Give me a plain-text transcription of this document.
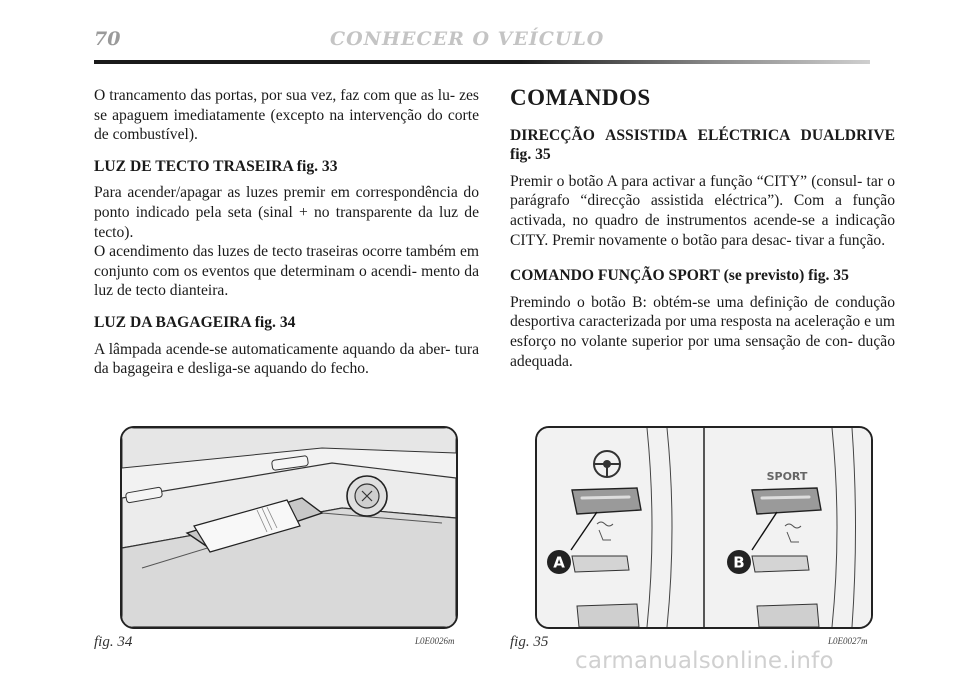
70	CONHECER O VEÍCULO

O trancamento das portas, por sua vez, faz com que as lu- zes se apaguem imediatamente (excepto na intervenção do corte de combustível).

LUZ DE TECTO TRASEIRA fig. 33

Para acender/apagar as luzes premir em correspondência do ponto indicado pela seta (sinal + no transparente da luz de tecto).

O acendimento das luzes de tecto traseiras ocorre também em conjunto com os eventos que determinam o acendi- mento da luz de tecto dianteira.

LUZ DA BAGAGEIRA fig. 34

A lâmpada acende-se automaticamente aquando da aber- tura da bagageira e desliga-se aquando do fecho.

COMANDOS
DIRECÇÃO ASSISTIDA ELÉCTRICA DUALDRIVE fig. 35

Premir o botão A para activar a função “CITY” (consul- tar o parágrafo “direcção assistida eléctrica”). Com a função activada, no quadro de instrumentos acende-se a indicação CITY. Premir novamente o botão para desac- tivar a função.

COMANDO FUNÇÃO SPORT (se previsto) fig. 35

Premindo o botão B: obtém-se uma definição de condução desportiva caracterizada por uma resposta na aceleração e um esforço no volante superior por uma sensação de con- dução adequada.

A
SPORT
B
fig. 34	L0E0026m	fig. 35	L0E0027m
carmanualsonline.info
